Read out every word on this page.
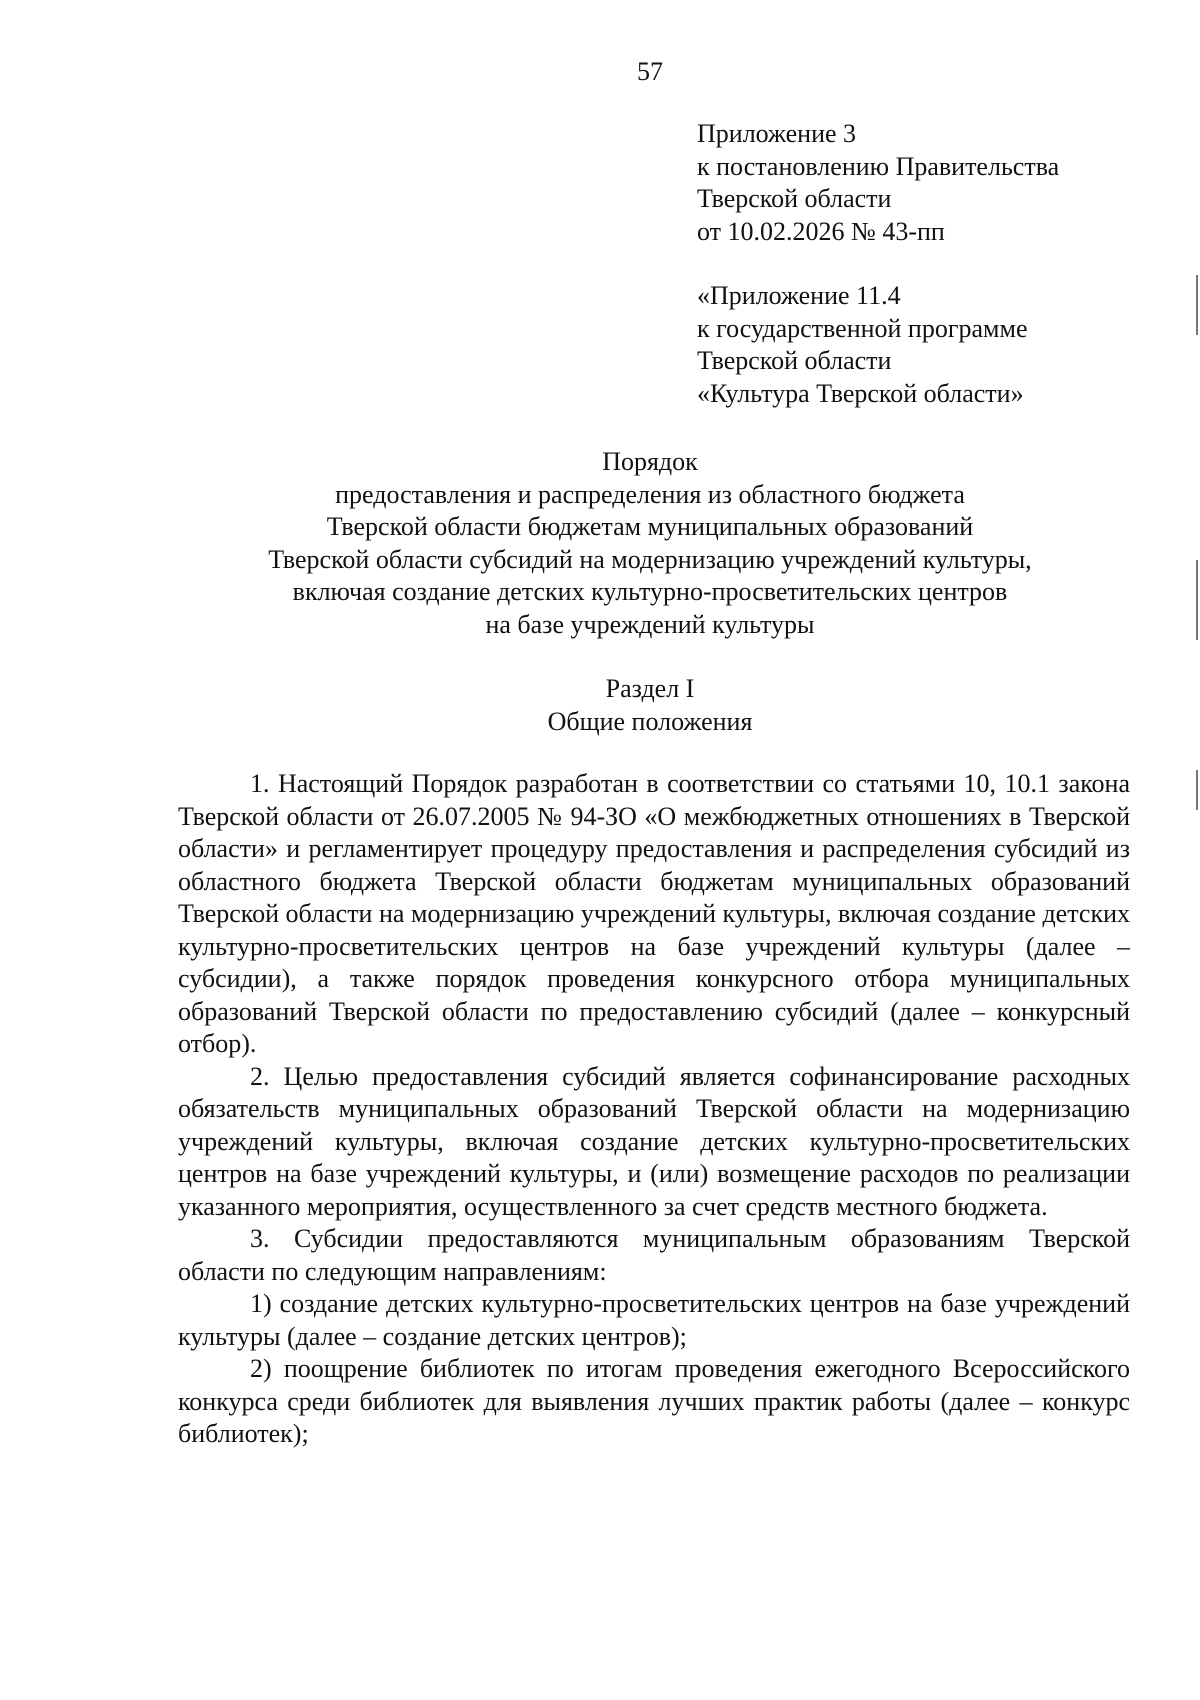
57
Приложение 3
к постановлению Правительства
Тверской области
от 10.02.2026 № 43-пп
«Приложение 11.4
к государственной программе
Тверской области
«Культура Тверской области»
Порядок
предоставления и распределения из областного бюджета
Тверской области бюджетам муниципальных образований
Тверской области субсидий на модернизацию учреждений культуры,
включая создание детских культурно-просветительских центров
на базе учреждений культуры
Раздел I
Общие положения

1. Настоящий Порядок разработан в соответствии со статьями 10, 10.1 закона Тверской области от 26.07.2005 № 94-ЗО «О межбюджетных отношениях в Тверской области» и регламентирует процедуру предоставления и распределения субсидий из областного бюджета Тверской области бюджетам муниципальных образований Тверской области на модернизацию учреждений культуры, включая создание детских культурно-просветительских центров на базе учреждений культуры (далее – субсидии), а также порядок проведения конкурсного отбора муниципальных образований Тверской области по предоставлению субсидий (далее – конкурсный отбор).

2. Целью предоставления субсидий является софинансирование расходных обязательств муниципальных образований Тверской области на модернизацию учреждений культуры, включая создание детских культурно-просветительских центров на базе учреждений культуры, и (или) возмещение расходов по реализации указанного мероприятия, осуществленного за счет средств местного бюджета.

3. Субсидии предоставляются муниципальным образованиям Тверской области по следующим направлениям:

1) создание детских культурно-просветительских центров на базе учреждений культуры (далее – создание детских центров);

2) поощрение библиотек по итогам проведения ежегодного Всероссийского конкурса среди библиотек для выявления лучших практик работы (далее – конкурс библиотек);
